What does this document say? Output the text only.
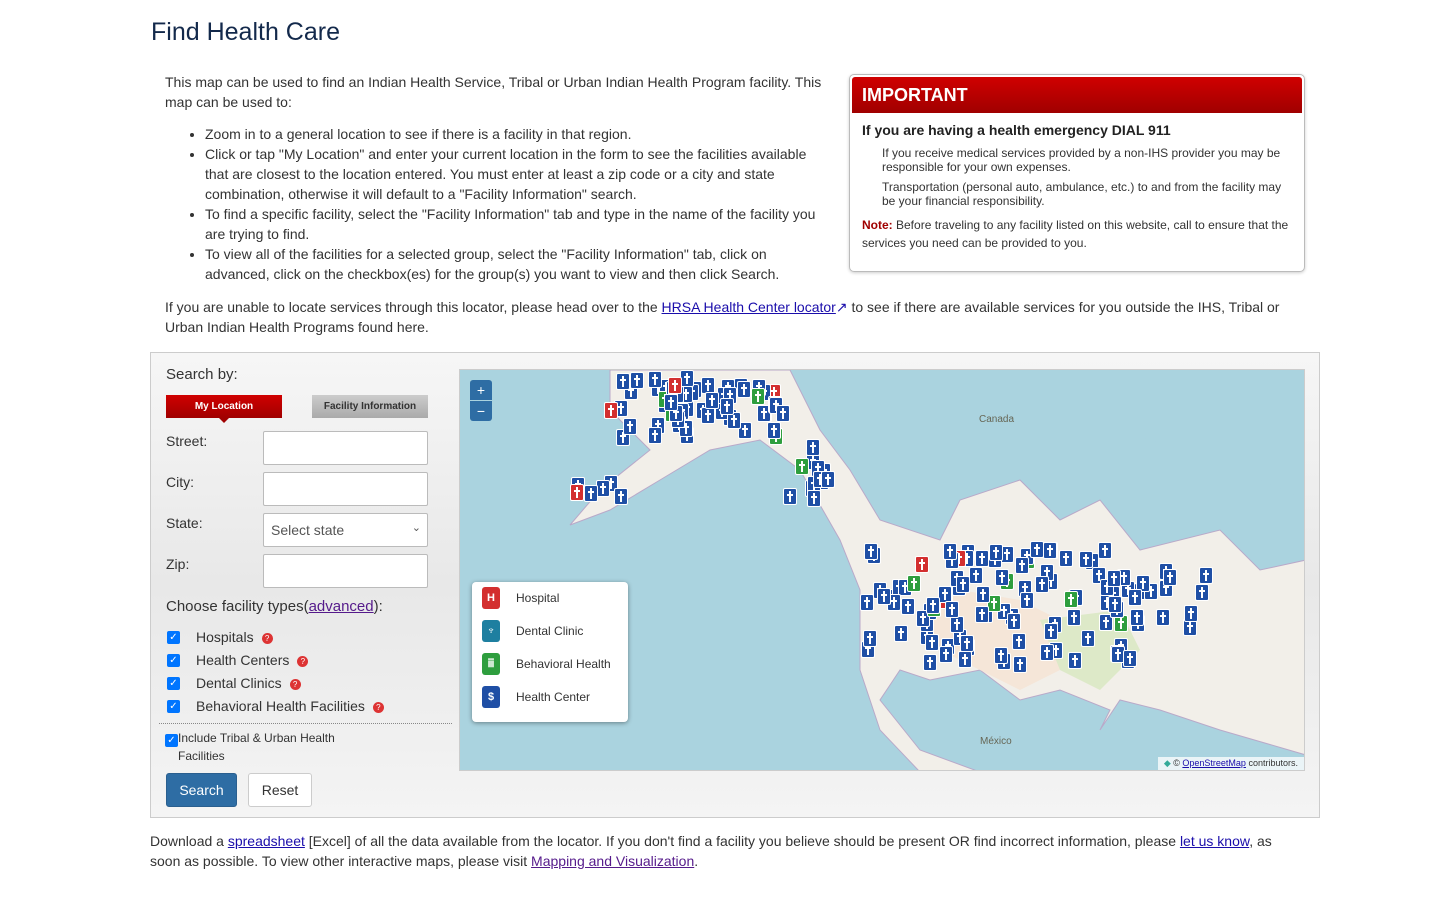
Find Health Care

This map can be used to find an Indian Health Service, Tribal or Urban Indian Health Program facility. This map can be used to:

• Zoom in to a general location to see if there is a facility in that region.
• Click or tap "My Location" and enter your current location in the form to see the facilities available that are closest to the location entered. You must enter at least a zip code or a city and state combination, otherwise it will default to a "Facility Information" search.
• To find a specific facility, select the "Facility Information" tab and type in the name of the facility you are trying to find.
• To view all of the facilities for a selected group, select the "Facility Information" tab, click on advanced, click on the checkbox(es) for the group(s) you want to view and then click Search.
IMPORTANT
If you are having a health emergency DIAL 911
If you receive medical services provided by a non-IHS provider you may be responsible for your own expenses.
Transportation (personal auto, ambulance, etc.) to and from the facility may be your financial responsibility.
Note: Before traveling to any facility listed on this website, call to ensure that the services you need can be provided to you.
If you are unable to locate services through this locator, please head over to the HRSA Health Center locator↗ to see if there are available services for you outside the IHS, Tribal or Urban Indian Health Programs found here.
Search by:
My Location	Facility Information
Street:
City:
State:	Select state	⌄
Zip:
Choose facility types(advanced):
✓ Hospitals ?
✓ Health Centers ?
✓ Dental Clinics ?
✓ Behavioral Health Facilities ?
✓ Include Tribal & Urban Health Facilities
Search	Reset
Canada
México
+
−
H	Hospital
♆	Dental Clinic
ⅲ	Behavioral Health
$	Health Center
◆ © OpenStreetMap contributors.
Download a spreadsheet [Excel] of all the data available from the locator. If you don't find a facility you believe should be present OR find incorrect information, please let us know, as soon as possible. To view other interactive maps, please visit Mapping and Visualization.
